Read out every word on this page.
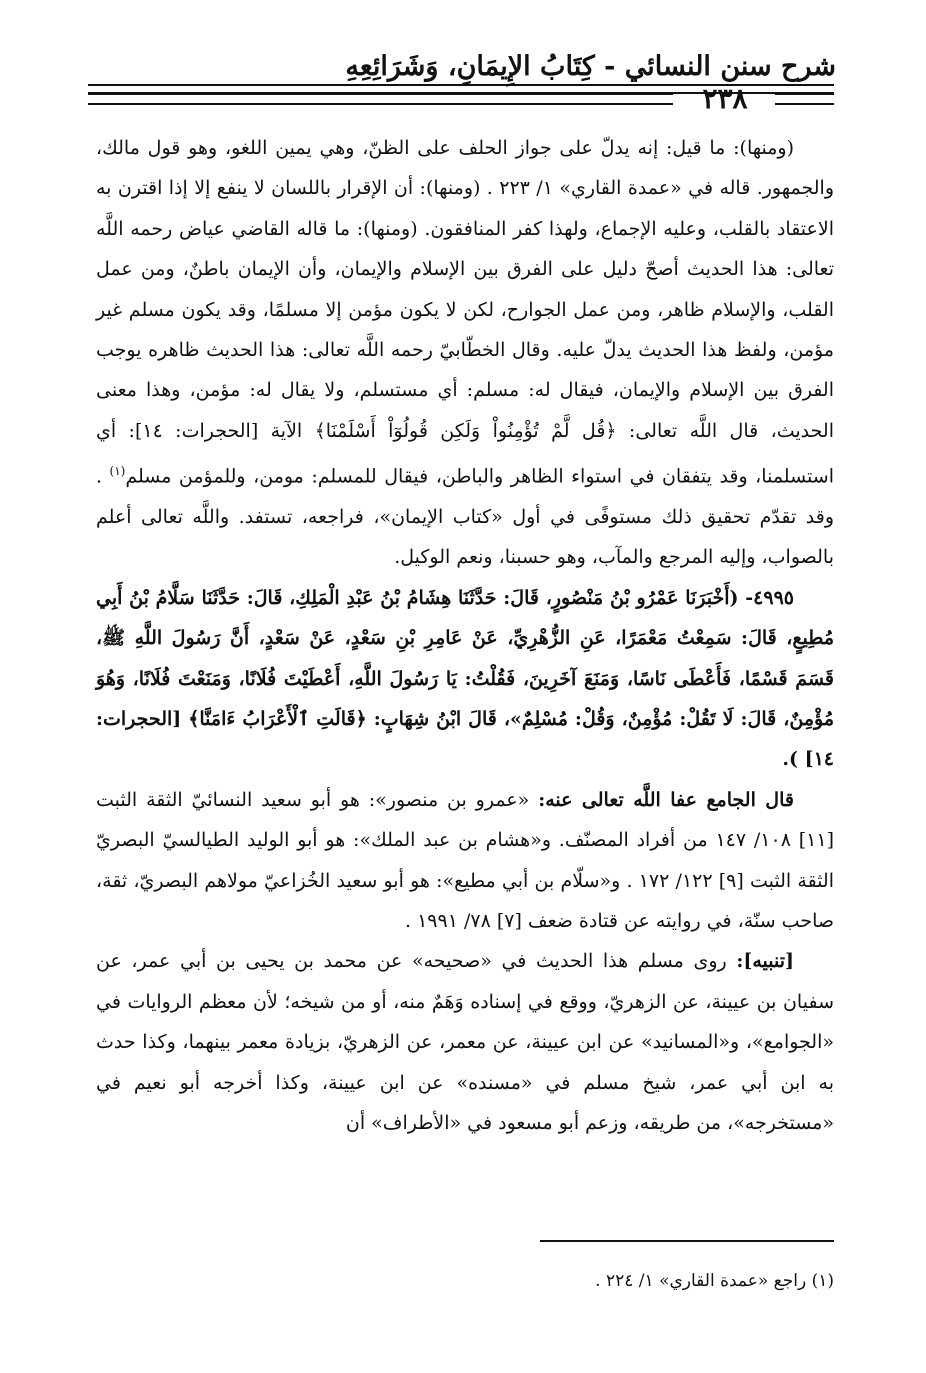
شرح سنن النسائي - كِتَابُ الإِيمَانِ، وَشَرَائِعِهِ
٢٣٨

(ومنها): ما قيل: إنه يدلّ على جواز الحلف على الظنّ، وهي يمين اللغو، وهو قول مالك، والجمهور. قاله في «عمدة القاري» ١/ ٢٢٣ . (ومنها): أن الإقرار باللسان لا ينفع إلا إذا اقترن به الاعتقاد بالقلب، وعليه الإجماع، ولهذا كفر المنافقون. (ومنها): ما قاله القاضي عياض رحمه اللَّه تعالى: هذا الحديث أصحّ دليل على الفرق بين الإسلام والإيمان، وأن الإيمان باطنٌ، ومن عمل القلب، والإسلام ظاهر، ومن عمل الجوارح، لكن لا يكون مؤمن إلا مسلمًا، وقد يكون مسلم غير مؤمن، ولفظ هذا الحديث يدلّ عليه. وقال الخطّابيّ رحمه اللَّه تعالى: هذا الحديث ظاهره يوجب الفرق بين الإسلام والإيمان، فيقال له: مسلم: أي مستسلم، ولا يقال له: مؤمن، وهذا معنى الحديث، قال اللَّه تعالى: ﴿قُل لَّمْ تُؤْمِنُواْ وَلَكِن قُولُوٓاْ أَسْلَمْنَا﴾ الآية [الحجرات: ١٤]: أي استسلمنا، وقد يتفقان في استواء الظاهر والباطن، فيقال للمسلم: مومن، وللمؤمن مسلم$^{(١)}$ . وقد تقدّم تحقيق ذلك مستوفًى في أول «كتاب الإيمان»، فراجعه، تستفد. واللَّه تعالى أعلم بالصواب، وإليه المرجع والمآب، وهو حسبنا، ونعم الوكيل.

٤٩٩٥- (أَخْبَرَنَا عَمْرُو بْنُ مَنْصُورٍ، قَالَ: حَدَّثَنَا هِشَامُ بْنُ عَبْدِ الْمَلِكِ، قَالَ: حَدَّثَنَا سَلَّامُ بْنُ أَبِي مُطِيعٍ، قَالَ: سَمِعْتُ مَعْمَرًا، عَنِ الزُّهْرِيِّ، عَنْ عَامِرِ بْنِ سَعْدٍ، عَنْ سَعْدٍ، أَنَّ رَسُولَ اللَّهِ ﷺ، قَسَمَ قَسْمًا، فَأَعْطَى نَاسًا، وَمَنَعَ آخَرِينَ، فَقُلْتُ: يَا رَسُولَ اللَّهِ، أَعْطَيْتَ فُلَانًا، وَمَنَعْتَ فُلَانًا، وَهُوَ مُؤْمِنٌ، قَالَ: لَا تَقُلْ: مُؤْمِنٌ، وَقُلْ: مُسْلِمٌ»، قَالَ ابْنُ شِهَابٍ: ﴿قَالَتِ ٱلْأَعْرَابُ ءَامَنَّا﴾ [الحجرات: ١٤] ).

قال الجامع عفا اللَّه تعالى عنه: «عمرو بن منصور»: هو أبو سعيد النسائيّ الثقة الثبت [١١] ١٠٨/ ١٤٧ من أفراد المصنّف. و«هشام بن عبد الملك»: هو أبو الوليد الطيالسيّ البصريّ الثقة الثبت [٩] ١٢٢/ ١٧٢ . و«سلّام بن أبي مطيع»: هو أبو سعيد الخُزاعيّ مولاهم البصريّ، ثقة، صاحب سنّة، في روايته عن قتادة ضعف [٧] ٧٨/ ١٩٩١ .

[تنبيه]: روى مسلم هذا الحديث في «صحيحه» عن محمد بن يحيى بن أبي عمر، عن سفيان بن عيينة، عن الزهريّ، ووقع في إسناده وَهَمٌ منه، أو من شيخه؛ لأن معظم الروايات في «الجوامع»، و«المسانيد» عن ابن عيينة، عن معمر، عن الزهريّ، بزيادة معمر بينهما، وكذا حدث به ابن أبي عمر، شيخ مسلم في «مسنده» عن ابن عيينة، وكذا أخرجه أبو نعيم في «مستخرجه»، من طريقه، وزعم أبو مسعود في «الأطراف» أن

(١) راجع «عمدة القاري» ١/ ٢٢٤ .
